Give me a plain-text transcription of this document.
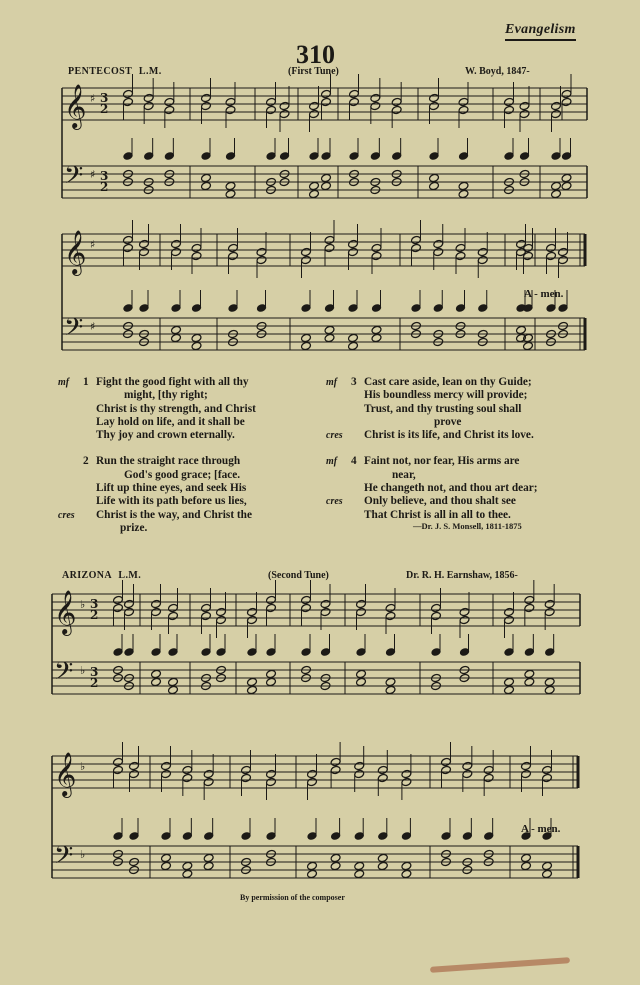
Evangelism
310
PENTECOST L.M.	(First Tune)	W. Boyd, 1847-
𝄞
𝄢
♯
♯
3
3
2
2
𝄞
𝄢
♯
♯
𝄞
𝄢
♭
♭
3
3
2
2
𝄞
𝄢
♭
♭
A - men.
mf 1 Fight the good fight with all thy
might, [thy right;
Christ is thy strength, and Christ
Lay hold on life, and it shall be
Thy joy and crown eternally.
2 Run the straight race through
God's good grace; [face.
Lift up thine eyes, and seek His
Life with its path before us lies,
cres Christ is the way, and Christ the
prize.
mf 3 Cast care aside, lean on thy Guide;
His boundless mercy will provide;
Trust, and thy trusting soul shall
prove
cres Christ is its life, and Christ its love.
mf 4 Faint not, nor fear, His arms are
near,
He changeth not, and thou art dear;
cres Only believe, and thou shalt see
That Christ is all in all to thee.
—Dr. J. S. Monsell, 1811-1875
ARIZONA L.M.	(Second Tune)	Dr. R. H. Earnshaw, 1856-
A - men.
By permission of the composer
